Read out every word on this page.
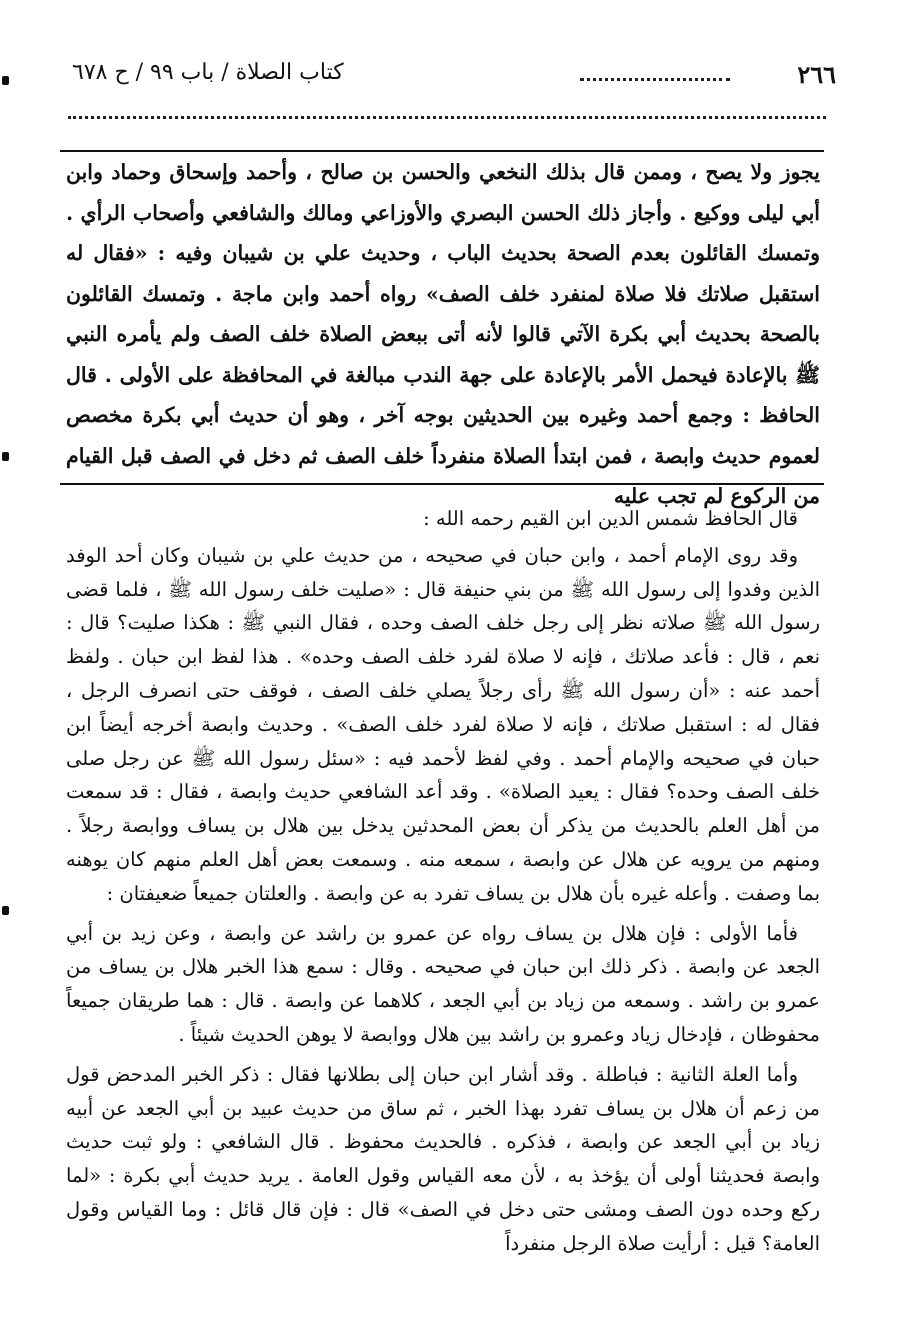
٢٦٦
كتاب الصلاة / باب ٩٩ / ح ٦٧٨
يجوز ولا يصح ، وممن قال بذلك النخعي والحسن بن صالح ، وأحمد وإسحاق وحماد وابن أبي ليلى ووكيع . وأجاز ذلك الحسن البصري والأوزاعي ومالك والشافعي وأصحاب الرأي . وتمسك القائلون بعدم الصحة بحديث الباب ، وحديث علي بن شيبان وفيه : «فقال له استقبل صلاتك فلا صلاة لمنفرد خلف الصف» رواه أحمد وابن ماجة . وتمسك القائلون بالصحة بحديث أبي بكرة الآتي قالوا لأنه أتى ببعض الصلاة خلف الصف ولم يأمره النبي ﷺ بالإعادة فيحمل الأمر بالإعادة على جهة الندب مبالغة في المحافظة على الأولى . قال الحافظ : وجمع أحمد وغيره بين الحديثين بوجه آخر ، وهو أن حديث أبي بكرة مخصص لعموم حديث وابصة ، فمن ابتدأ الصلاة منفرداً خلف الصف ثم دخل في الصف قبل القيام من الركوع لم تجب عليه

قال الحافظ شمس الدين ابن القيم رحمه الله :

وقد روى الإمام أحمد ، وابن حبان في صحيحه ، من حديث علي بن شيبان وكان أحد الوفد الذين وفدوا إلى رسول الله ﷺ من بني حنيفة قال : «صليت خلف رسول الله ﷺ ، فلما قضى رسول الله ﷺ صلاته نظر إلى رجل خلف الصف وحده ، فقال النبي ﷺ : هكذا صليت؟ قال : نعم ، قال : فأعد صلاتك ، فإنه لا صلاة لفرد خلف الصف وحده» . هذا لفظ ابن حبان . ولفظ أحمد عنه : «أن رسول الله ﷺ رأى رجلاً يصلي خلف الصف ، فوقف حتى انصرف الرجل ، فقال له : استقبل صلاتك ، فإنه لا صلاة لفرد خلف الصف» . وحديث وابصة أخرجه أيضاً ابن حبان في صحيحه والإمام أحمد . وفي لفظ لأحمد فيه : «سئل رسول الله ﷺ عن رجل صلى خلف الصف وحده؟ فقال : يعيد الصلاة» . وقد أعد الشافعي حديث وابصة ، فقال : قد سمعت من أهل العلم بالحديث من يذكر أن بعض المحدثين يدخل بين هلال بن يساف ووابصة رجلاً . ومنهم من يرويه عن هلال عن وابصة ، سمعه منه . وسمعت بعض أهل العلم منهم كان يوهنه بما وصفت . وأعله غيره بأن هلال بن يساف تفرد به عن وابصة . والعلتان جميعاً ضعيفتان :

فأما الأولى : فإن هلال بن يساف رواه عن عمرو بن راشد عن وابصة ، وعن زيد بن أبي الجعد عن وابصة . ذكر ذلك ابن حبان في صحيحه . وقال : سمع هذا الخبر هلال بن يساف من عمرو بن راشد . وسمعه من زياد بن أبي الجعد ، كلاهما عن وابصة . قال : هما طريقان جميعاً محفوظان ، فإدخال زياد وعمرو بن راشد بين هلال ووابصة لا يوهن الحديث شيئاً .

وأما العلة الثانية : فباطلة . وقد أشار ابن حبان إلى بطلانها فقال : ذكر الخبر المدحض قول من زعم أن هلال بن يساف تفرد بهذا الخبر ، ثم ساق من حديث عبيد بن أبي الجعد عن أبيه زياد بن أبي الجعد عن وابصة ، فذكره . فالحديث محفوظ . قال الشافعي : ولو ثبت حديث وابصة فحديثنا أولى أن يؤخذ به ، لأن معه القياس وقول العامة . يريد حديث أبي بكرة : «لما ركع وحده دون الصف ومشى حتى دخل في الصف» قال : فإن قال قائل : وما القياس وقول العامة؟ قيل : أرأيت صلاة الرجل منفرداً
